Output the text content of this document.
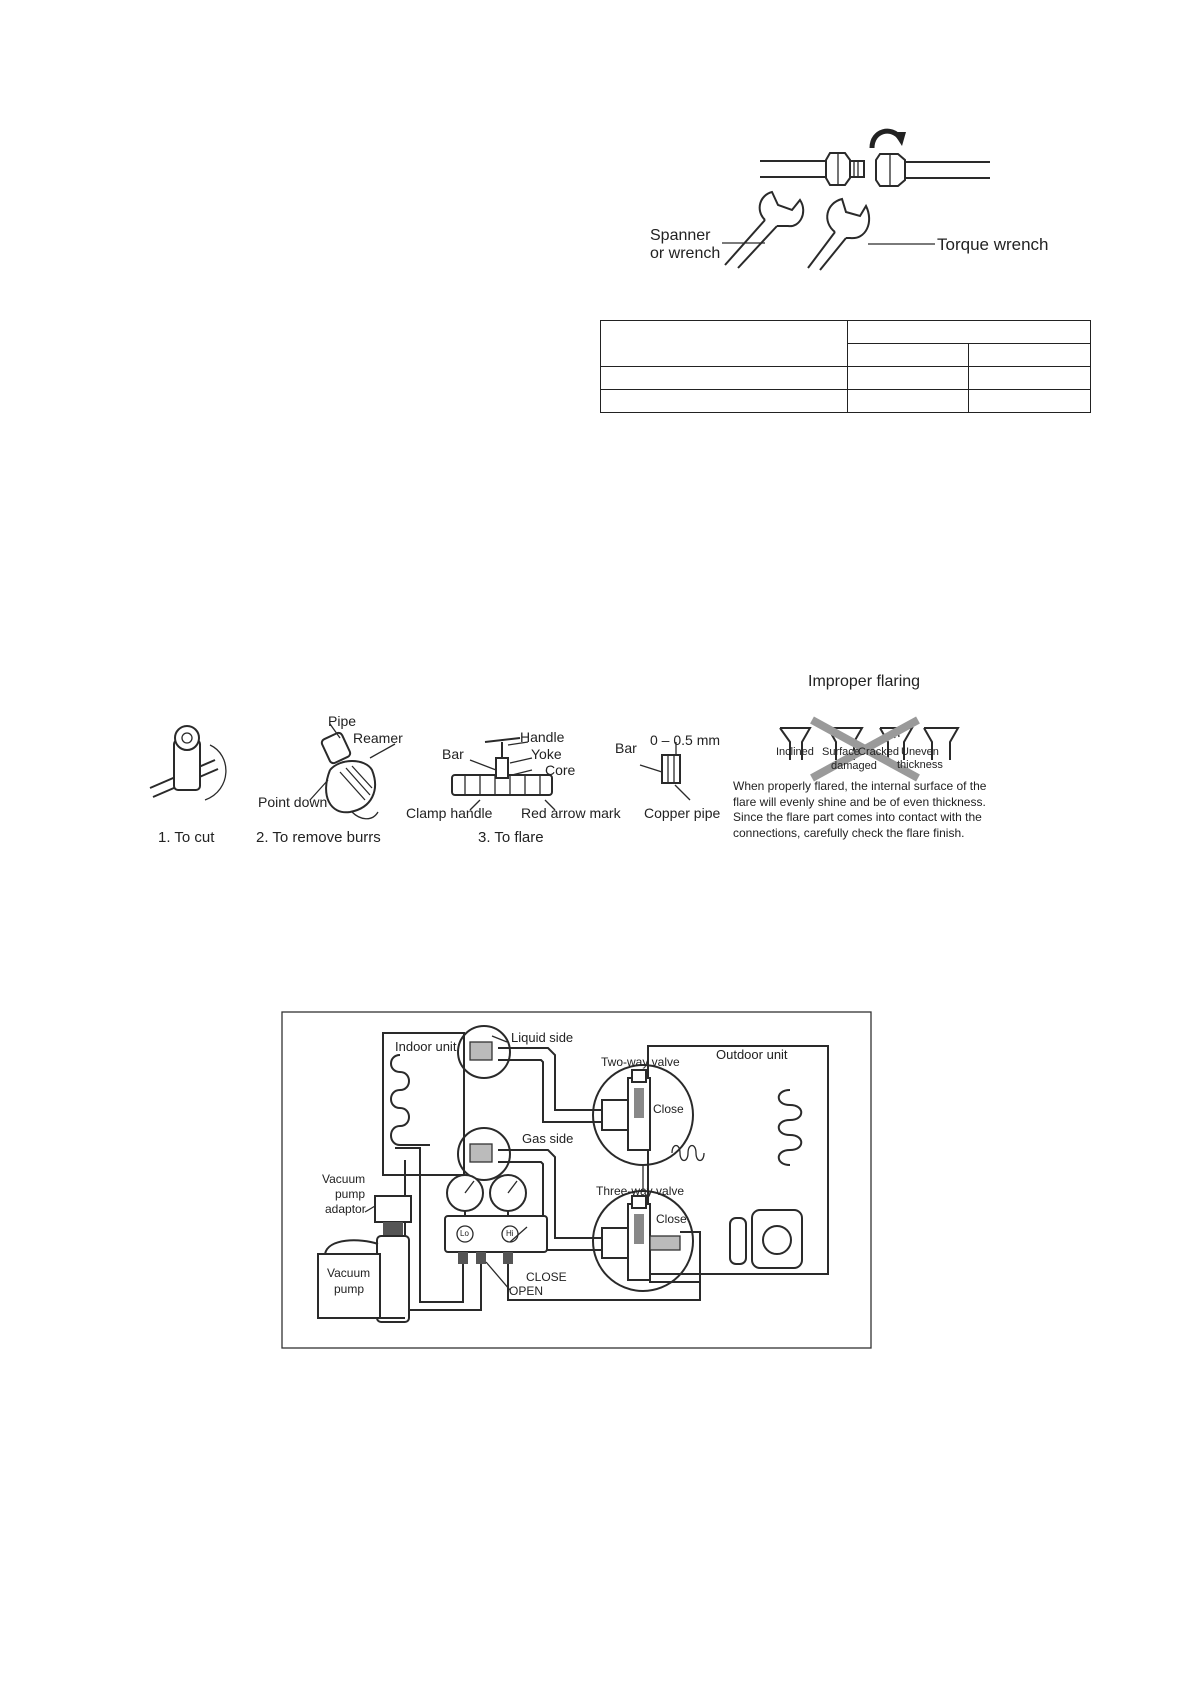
Spanner
or wrench	Torque wrench

Pipe
Reamer
Point down
Handle
Bar	Yoke
Core
Clamp handle Red arrow mark
Bar 0 – 0.5 mm
Copper pipe
1. To cut	2. To remove burrs	3. To flare
Improper flaring
Inclined Surface
damaged
Cracked Uneven
thickness
When properly flared, the internal surface of the flare will evenly shine and be of even thickness. Since the flare part comes into contact with the connections, carefully check the flare finish.
Indoor unit
Liquid side
Outdoor unit
Two-way valve
Close
Gas side
Three-way valve
Close
Vacuum
pump
adaptor
Vacuum
pump
Lo	Hi
CLOSE
OPEN
